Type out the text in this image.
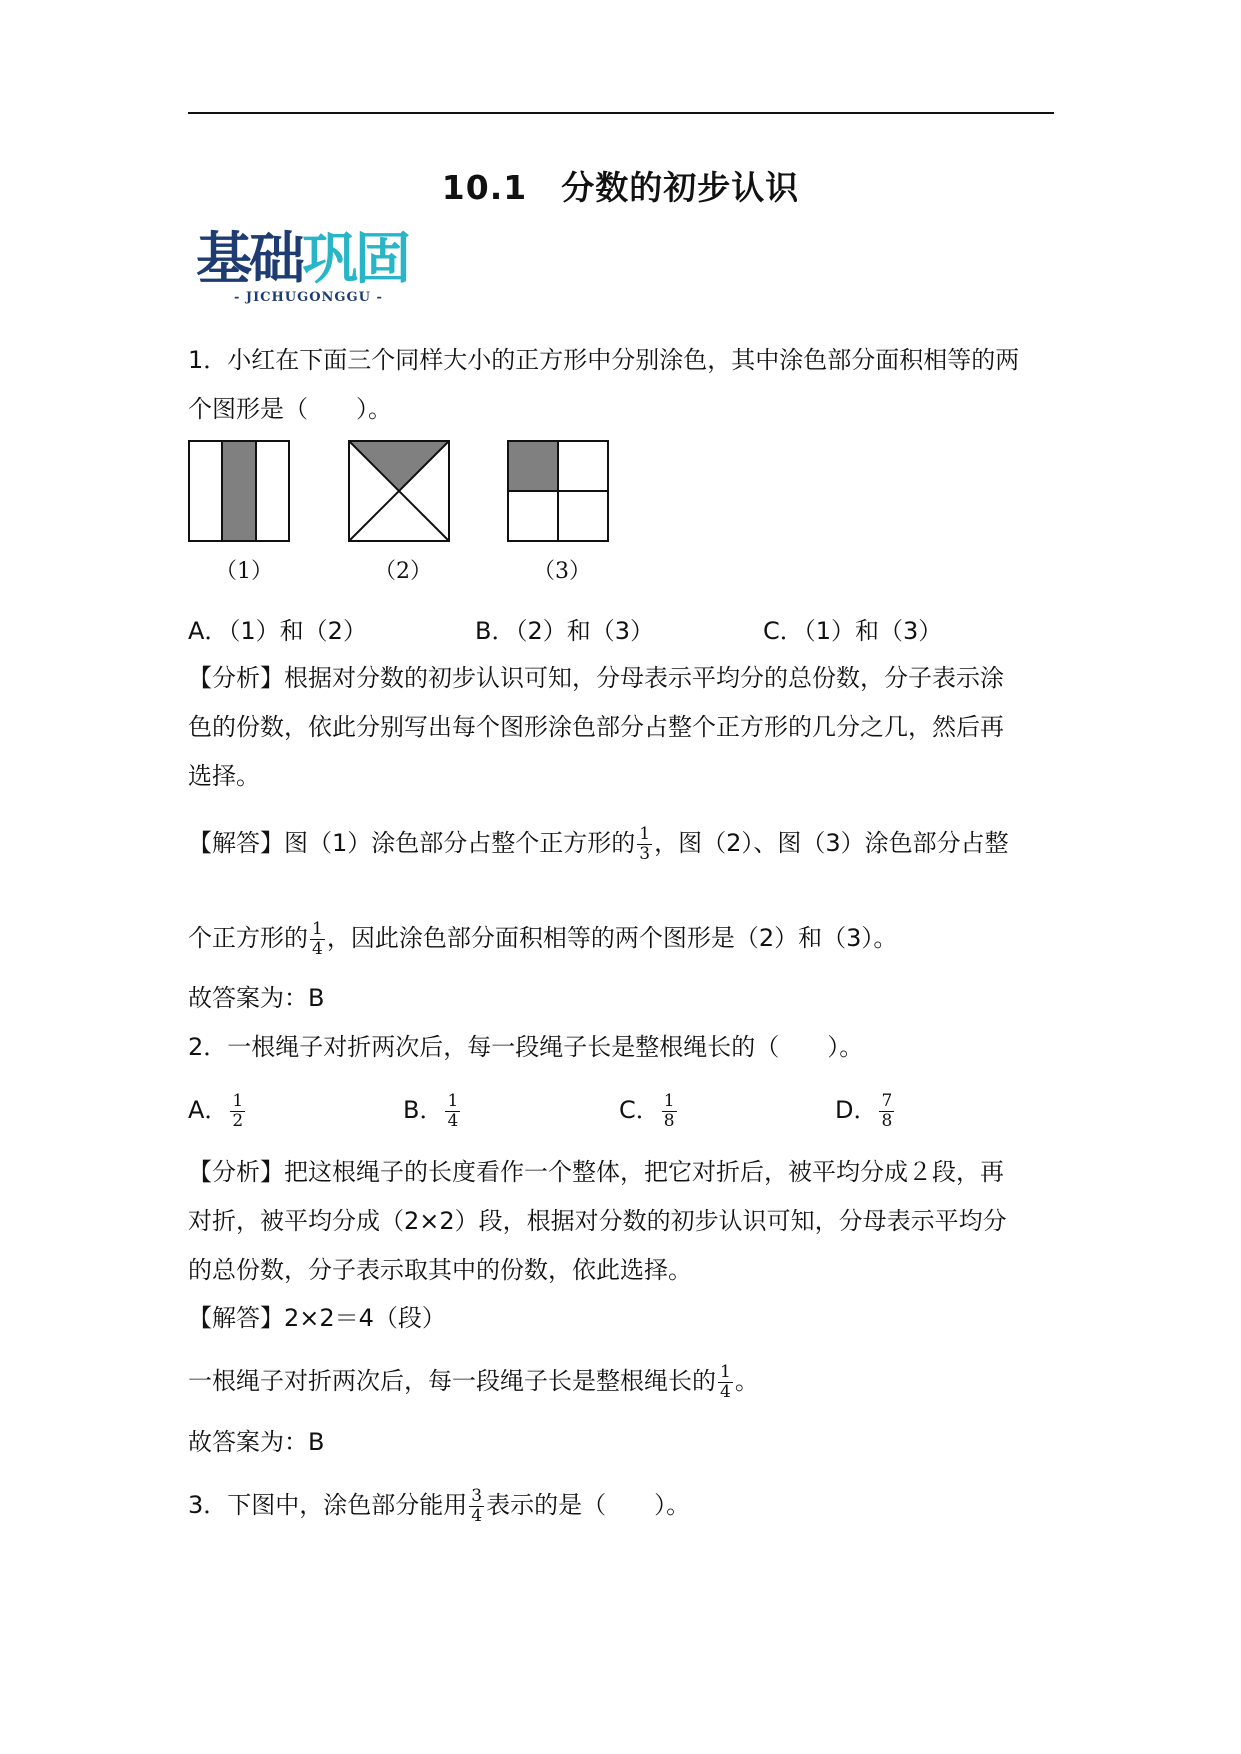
10.1 分数的初步认识
基础巩固
- JICHUGONGGU -
1．小红在下面三个同样大小的正方形中分别涂色，其中涂色部分面积相等的两
个图形是（　　）。
（1）	（2）	（3）
A．（1）和（2）	B．（2）和（3）	C．（1）和（3）
【分析】根据对分数的初步认识可知，分母表示平均分的总份数，分子表示涂
色的份数，依此分别写出每个图形涂色部分占整个正方形的几分之几，然后再
选择。
【解答】图（1）涂色部分占整个正方形的 $\frac{1}{3}$ ，图（2）、图（3）涂色部分占整
个正方形的 $\frac{1}{4}$ ，因此涂色部分面积相等的两个图形是（2）和（3）。
故答案为：B
2．一根绳子对折两次后，每一段绳子长是整根绳长的（　　）。
A． $\frac{1}{2}$	B． $\frac{1}{4}$	C． $\frac{1}{8}$	D． $\frac{7}{8}$
【分析】把这根绳子的长度看作一个整体，把它对折后，被平均分成２段，再
对折，被平均分成（2×2）段，根据对分数的初步认识可知，分母表示平均分
的总份数，分子表示取其中的份数，依此选择。
【解答】2×2＝4（段）
一根绳子对折两次后，每一段绳子长是整根绳长的 $\frac{1}{4}$ 。
故答案为：B
3．下图中，涂色部分能用 $\frac{3}{4}$ 表示的是（　　）。
